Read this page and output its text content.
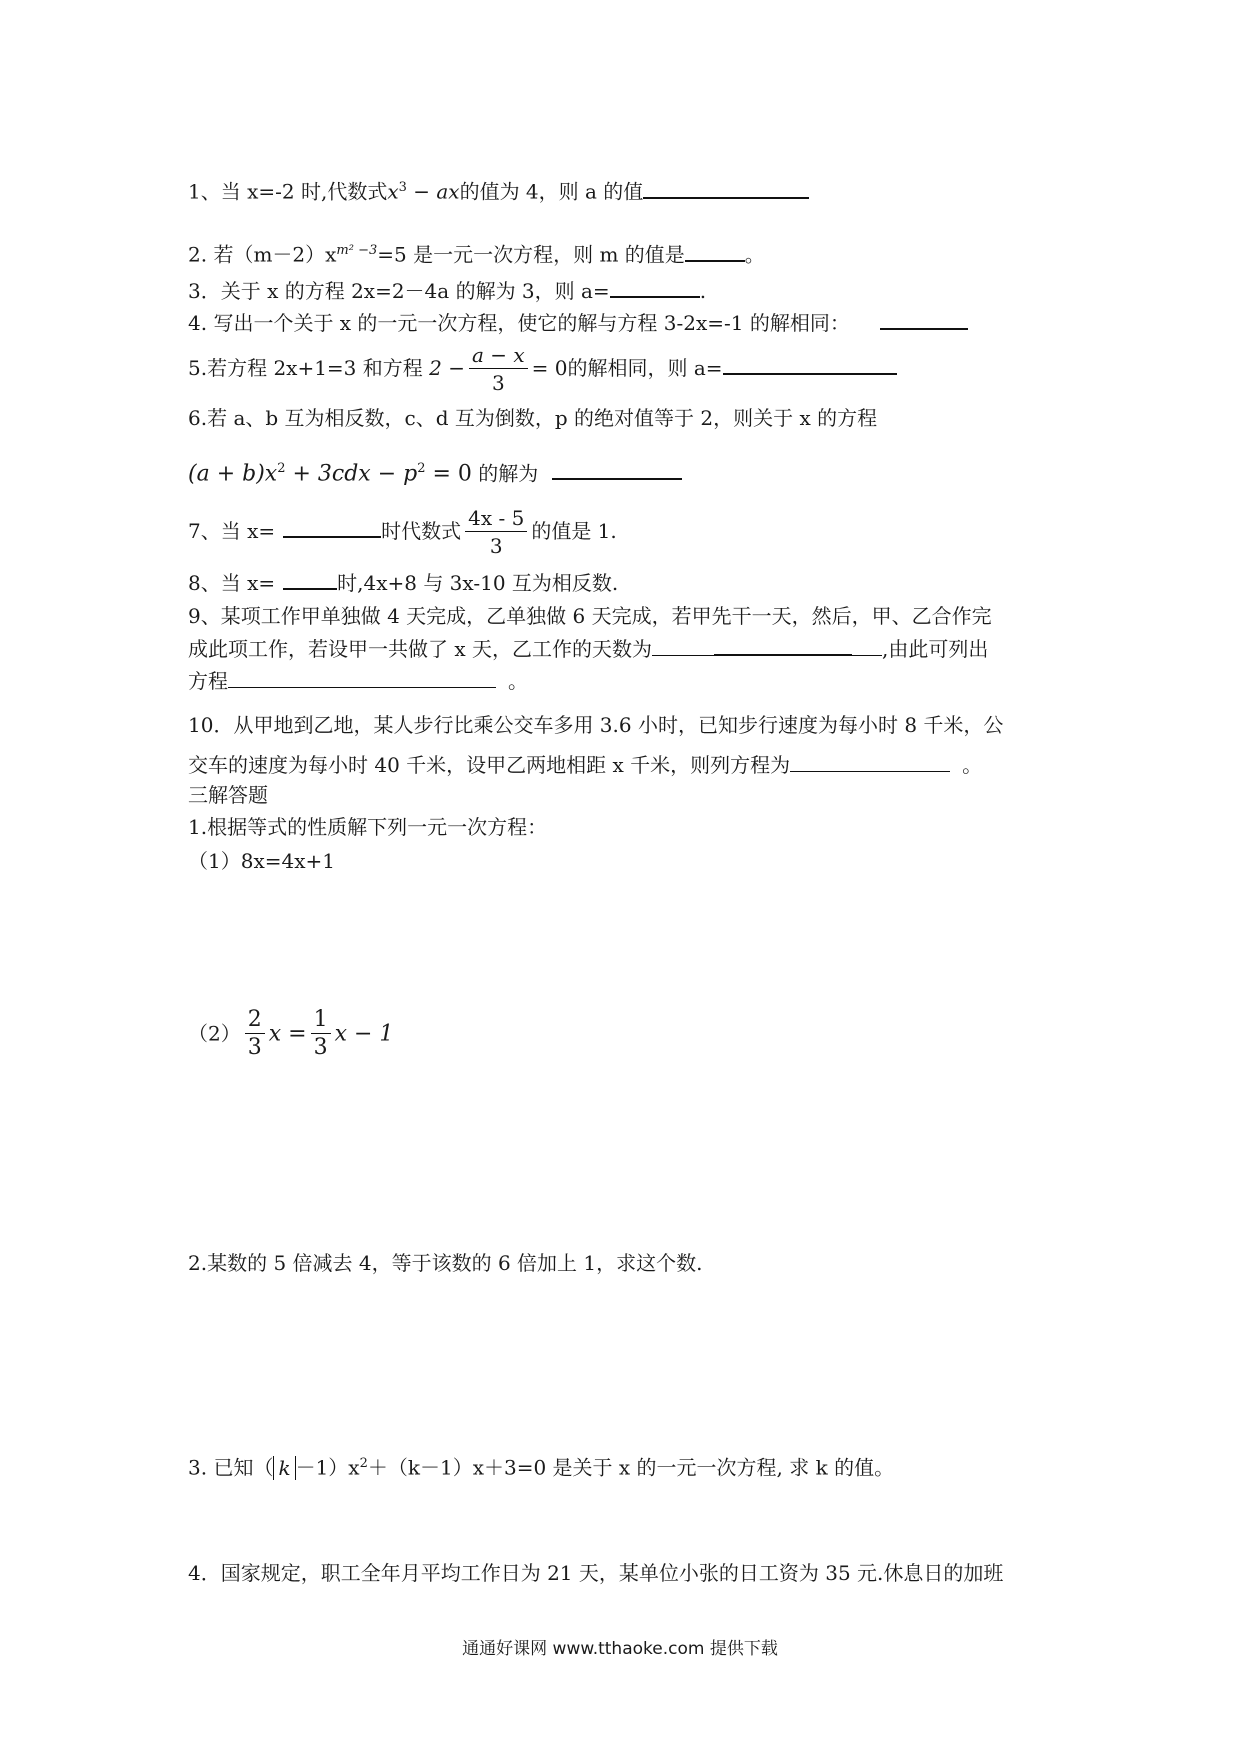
1、当 x=-2 时,代数式$x^3$ − ax的值为 4，则 a 的值
2. 若$(m-2)x^{m^2 -3}=5$ 是一元一次方程，则 m 的值是	。
3．关于 x 的方程 2x=2－4a 的解为 3，则 a=	.
4. 写出一个关于 x 的一元一次方程，使它的解与方程 3-2x=-1 的解相同：
5.若方程 2x+1=3 和方程 $2 - \frac{a - x}{3} = 0$的解相同，则 a=
6.若 a、b 互为相反数，c、d 互为倒数，p 的绝对值等于 2，则关于 x 的方程
$(a + b)x^2 + 3cdx - p^2 = 0$ 的解为
7、当 x=	时代数式 $\frac{4x - 5}{3}$ 的值是 1.
8、当 x=	时,4x+8 与 3x-10 互为相反数.
9、某项工作甲单独做 4 天完成，乙单独做 6 天完成，若甲先干一天，然后，甲、乙合作完
成此项工作，若设甲一共做了 x 天，乙工作的天数为	,由此可列出
方程	。
10．从甲地到乙地，某人步行比乘公交车多用 3.6 小时，已知步行速度为每小时 8 千米，公
交车的速度为每小时 40 千米，设甲乙两地相距 x 千米，则列方程为	。
三解答题
1.根据等式的性质解下列一元一次方程：
（1）8x=4x+1
$(2) \frac{2}{3}$ $x = \frac{1}{3}$ x − 1
2.某数的 5 倍减去 4，等于该数的 6 倍加上 1，求这个数.
3. 已知（ $k -1)x^2+(k-1)x+3=0$ 是关于 x 的一元一次方程, 求 k 的值。
4．国家规定，职工全年月平均工作日为 21 天，某单位小张的日工资为 35 元.休息日的加班
通通好课网 www.tthaoke.com 提供下载
